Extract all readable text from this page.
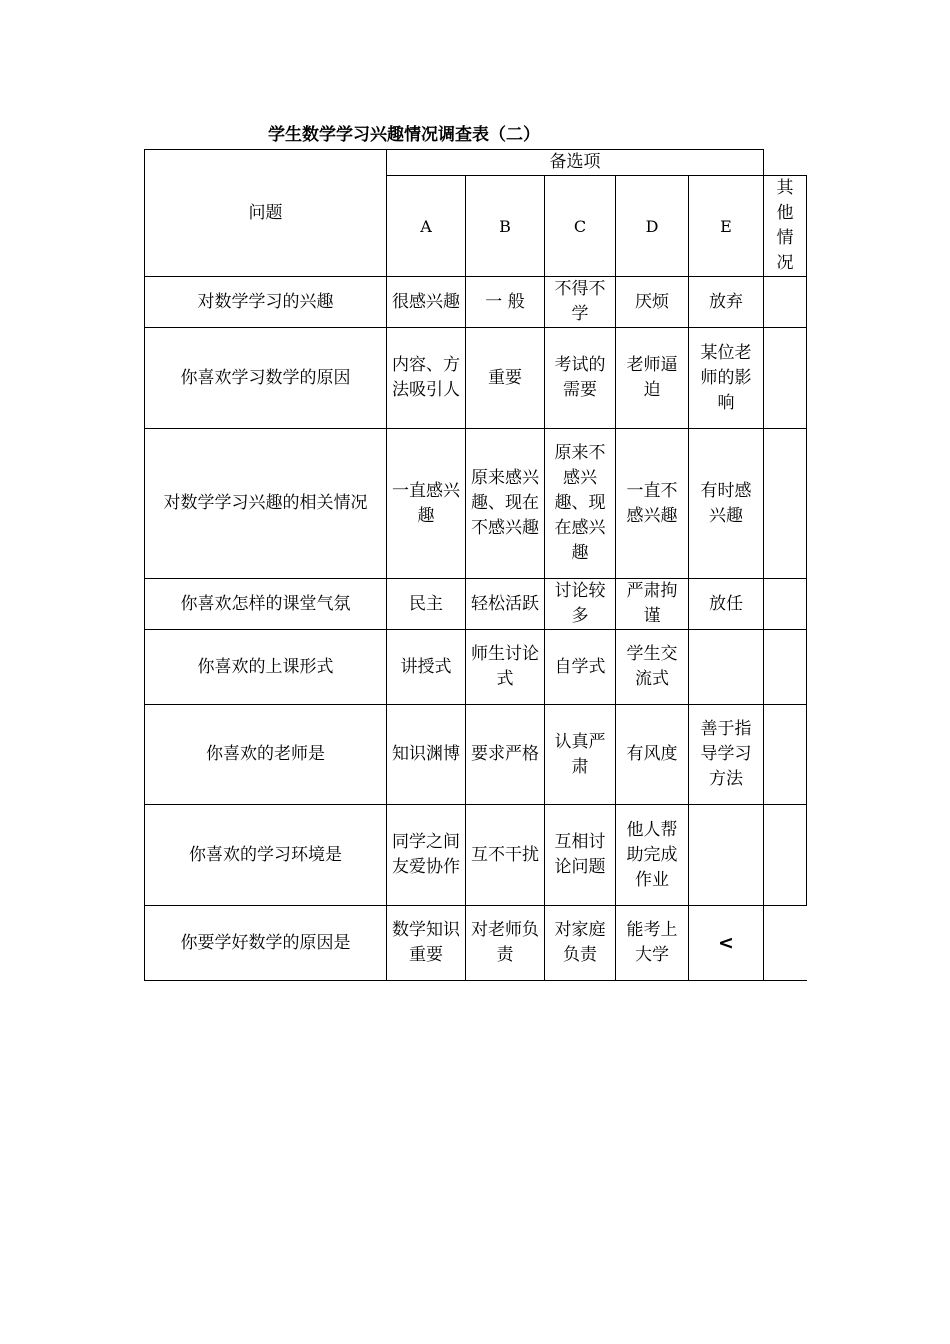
学生数学学习兴趣情况调查表（二）
问题	备选项					
	A	B	C	D	E	其他情况
对数学学习的兴趣	很感兴趣	一 般	不得不学	厌烦	放弃	
你喜欢学习数学的原因	内容、方法吸引人	重要	考试的需要	老师逼迫	某位老师的影响	
对数学学习兴趣的相关情况	一直感兴趣	原来感兴趣、现在不感兴趣	原来不感兴趣、现在感兴趣	一直不感兴趣	有时感兴趣	
你喜欢怎样的课堂气氛	民主	轻松活跃	讨论较多	严肃拘谨	放任	
你喜欢的上课形式	讲授式	师生讨论式	自学式	学生交流式		
你喜欢的老师是	知识渊博	要求严格	认真严肃	有风度	善于指导学习方法	
你喜欢的学习环境是	同学之间友爱协作	互不干扰	互相讨论问题	他人帮助完成作业		
你要学好数学的原因是	数学知识重要	对老师负责	对家庭负责	能考上大学	<	
